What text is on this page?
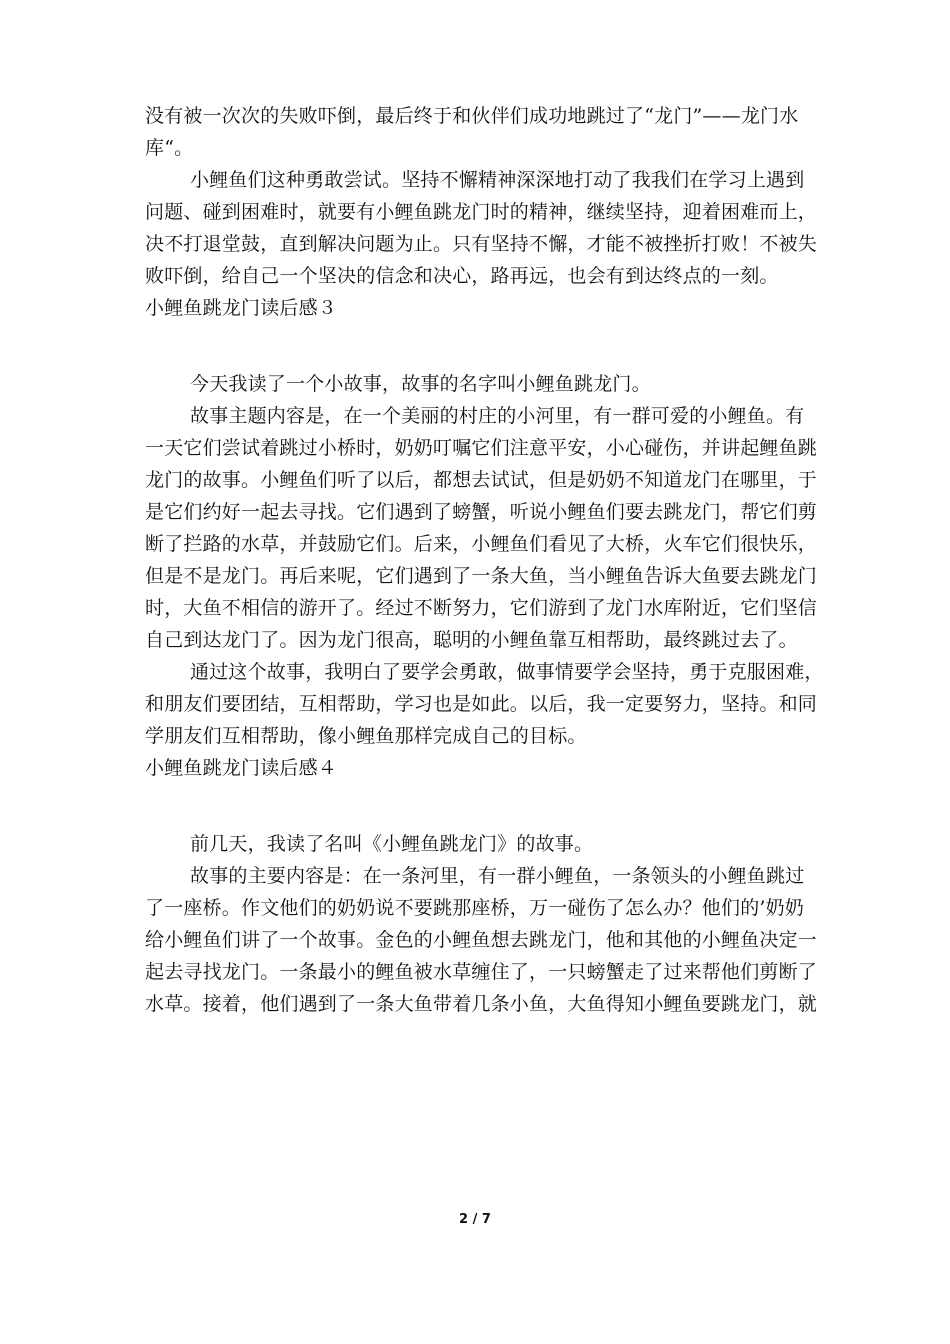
没有被一次次的失败吓倒，最后终于和伙伴们成功地跳过了“龙门”——龙门水
库“。
小鲤鱼们这种勇敢尝试。坚持不懈精神深深地打动了我我们在学习上遇到
问题、碰到困难时，就要有小鲤鱼跳龙门时的精神，继续坚持，迎着困难而上，
决不打退堂鼓，直到解决问题为止。只有坚持不懈，才能不被挫折打败！不被失
败吓倒，给自己一个坚决的信念和决心，路再远，也会有到达终点的一刻。
小鲤鱼跳龙门读后感３
今天我读了一个小故事，故事的名字叫小鲤鱼跳龙门。
故事主题内容是，在一个美丽的村庄的小河里，有一群可爱的小鲤鱼。有
一天它们尝试着跳过小桥时，奶奶叮嘱它们注意平安，小心碰伤，并讲起鲤鱼跳
龙门的故事。小鲤鱼们听了以后，都想去试试，但是奶奶不知道龙门在哪里，于
是它们约好一起去寻找。它们遇到了螃蟹，听说小鲤鱼们要去跳龙门，帮它们剪
断了拦路的水草，并鼓励它们。后来，小鲤鱼们看见了大桥，火车它们很快乐，
但是不是龙门。再后来呢，它们遇到了一条大鱼，当小鲤鱼告诉大鱼要去跳龙门
时，大鱼不相信的游开了。经过不断努力，它们游到了龙门水库附近，它们坚信
自己到达龙门了。因为龙门很高，聪明的小鲤鱼靠互相帮助，最终跳过去了。
通过这个故事，我明白了要学会勇敢，做事情要学会坚持，勇于克服困难，
和朋友们要团结，互相帮助，学习也是如此。以后，我一定要努力，坚持。和同
学朋友们互相帮助，像小鲤鱼那样完成自己的目标。
小鲤鱼跳龙门读后感４
前几天，我读了名叫《小鲤鱼跳龙门》的故事。
故事的主要内容是：在一条河里，有一群小鲤鱼，一条领头的小鲤鱼跳过
了一座桥。作文他们的奶奶说不要跳那座桥，万一碰伤了怎么办？他们的’奶奶
给小鲤鱼们讲了一个故事。金色的小鲤鱼想去跳龙门，他和其他的小鲤鱼决定一
起去寻找龙门。一条最小的鲤鱼被水草缠住了，一只螃蟹走了过来帮他们剪断了
水草。接着，他们遇到了一条大鱼带着几条小鱼，大鱼得知小鲤鱼要跳龙门，就
2 / 7
